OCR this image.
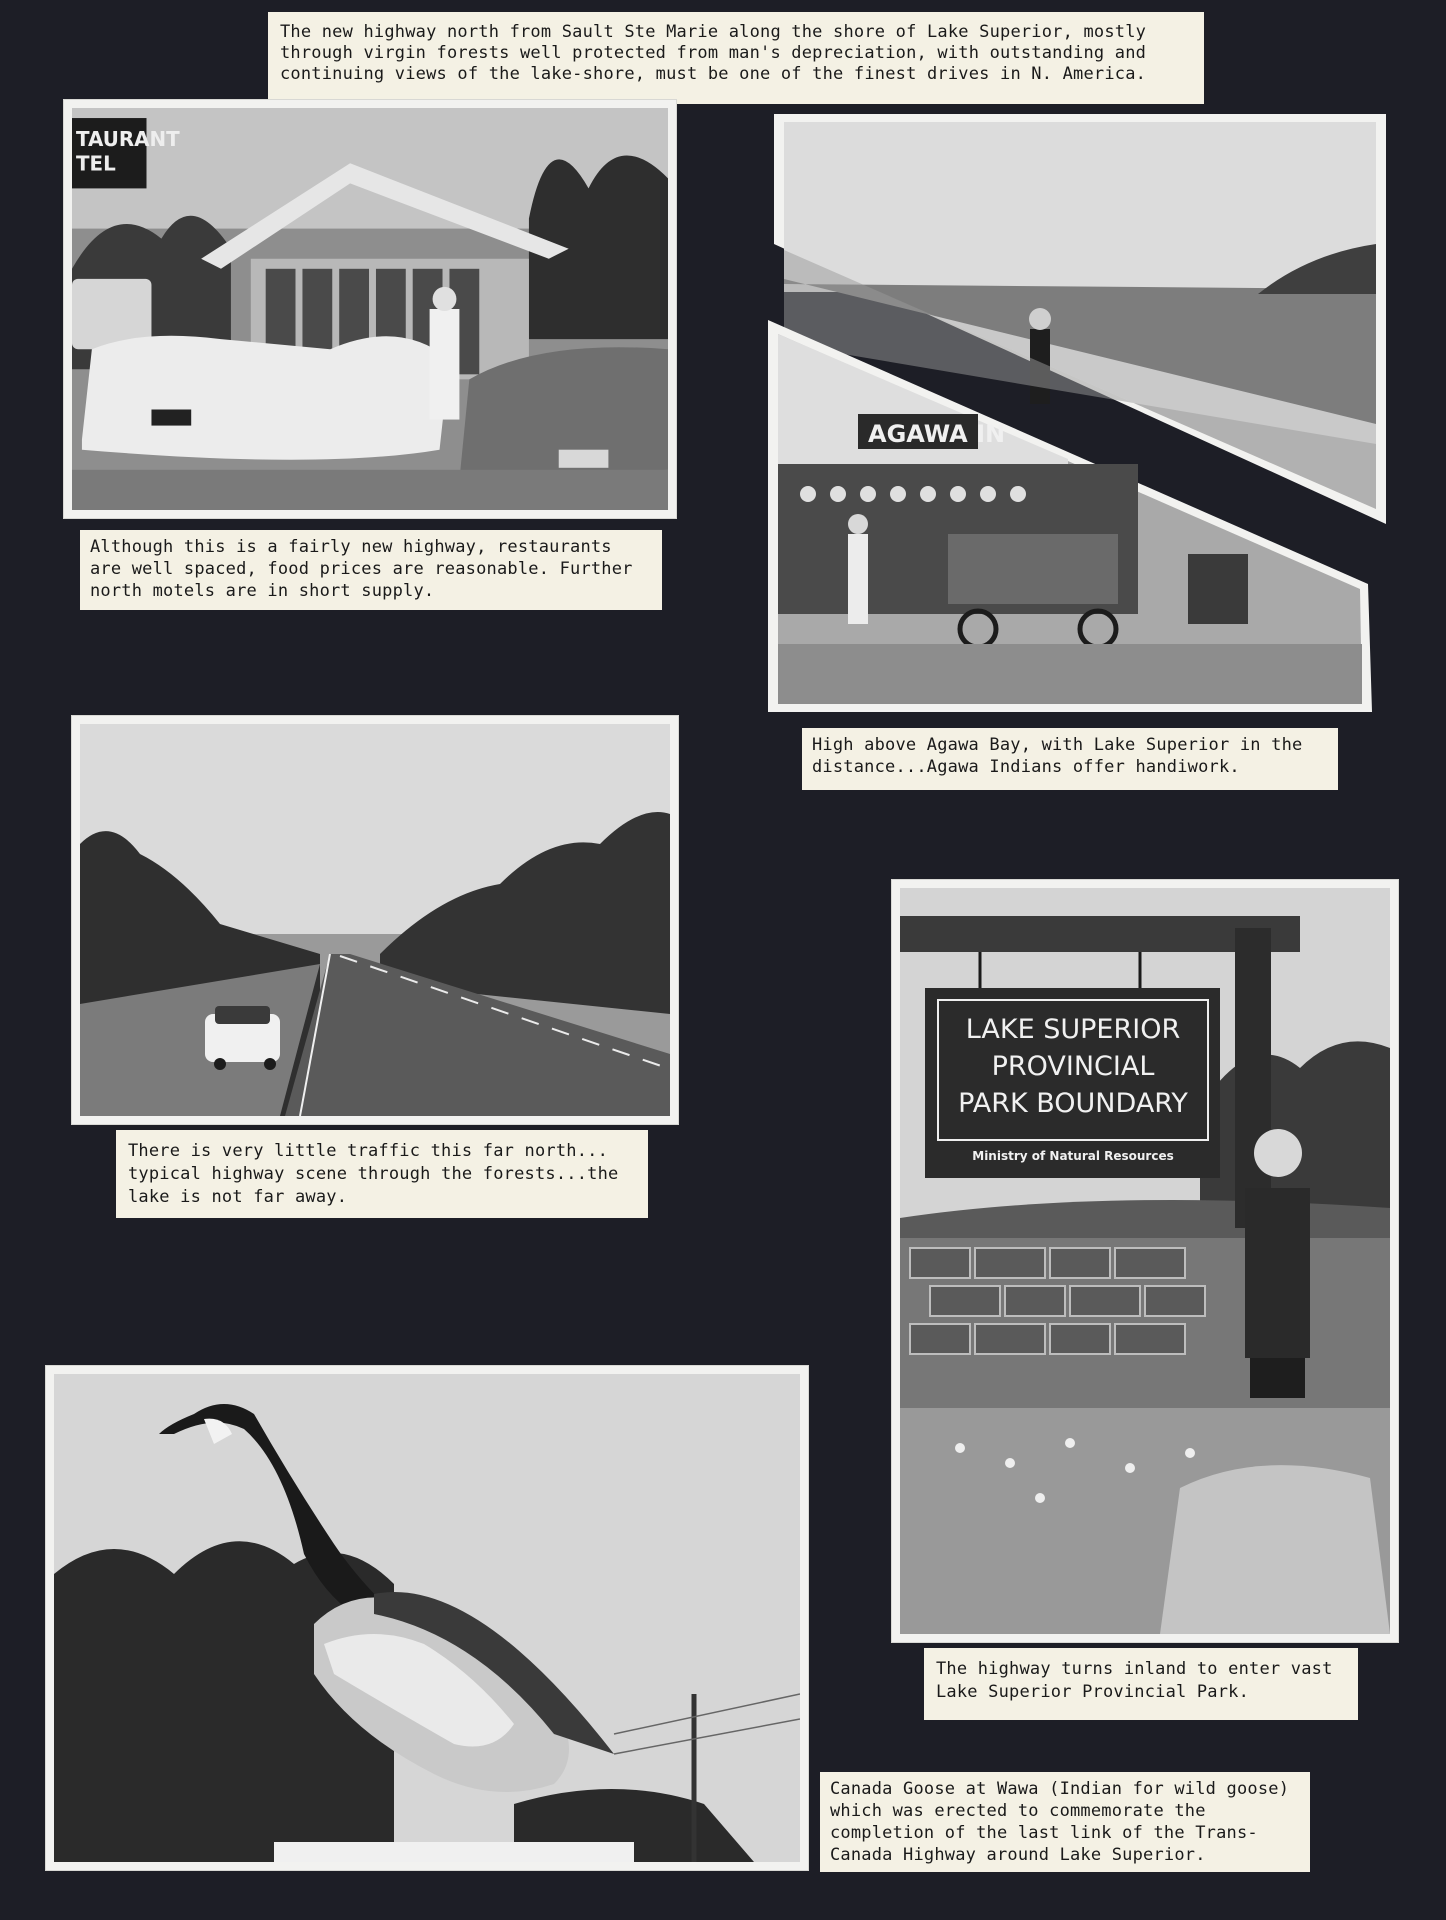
The new highway north from Sault Ste Marie along the shore of Lake Superior, mostly
through virgin forests well protected from man's depreciation, with outstanding and
continuing views of the lake-shore, must be one of the finest drives in N. America.
TAURANT
TEL
Although this is a fairly new highway, restaurants
are well spaced, food prices are reasonable. Further
north motels are in short supply.
AGAWA IN
High above Agawa Bay, with Lake Superior in the
distance...Agawa Indians offer handiwork.
There is very little traffic this far north...
typical highway scene through the forests...the
lake is not far away.
LAKE SUPERIOR
PROVINCIAL
PARK BOUNDARY
Ministry of Natural Resources
The highway turns inland to enter vast
Lake Superior Provincial Park.
Canada Goose at Wawa (Indian for wild goose)
which was erected to commemorate the
completion of the last link of the Trans-
Canada Highway around Lake Superior.
